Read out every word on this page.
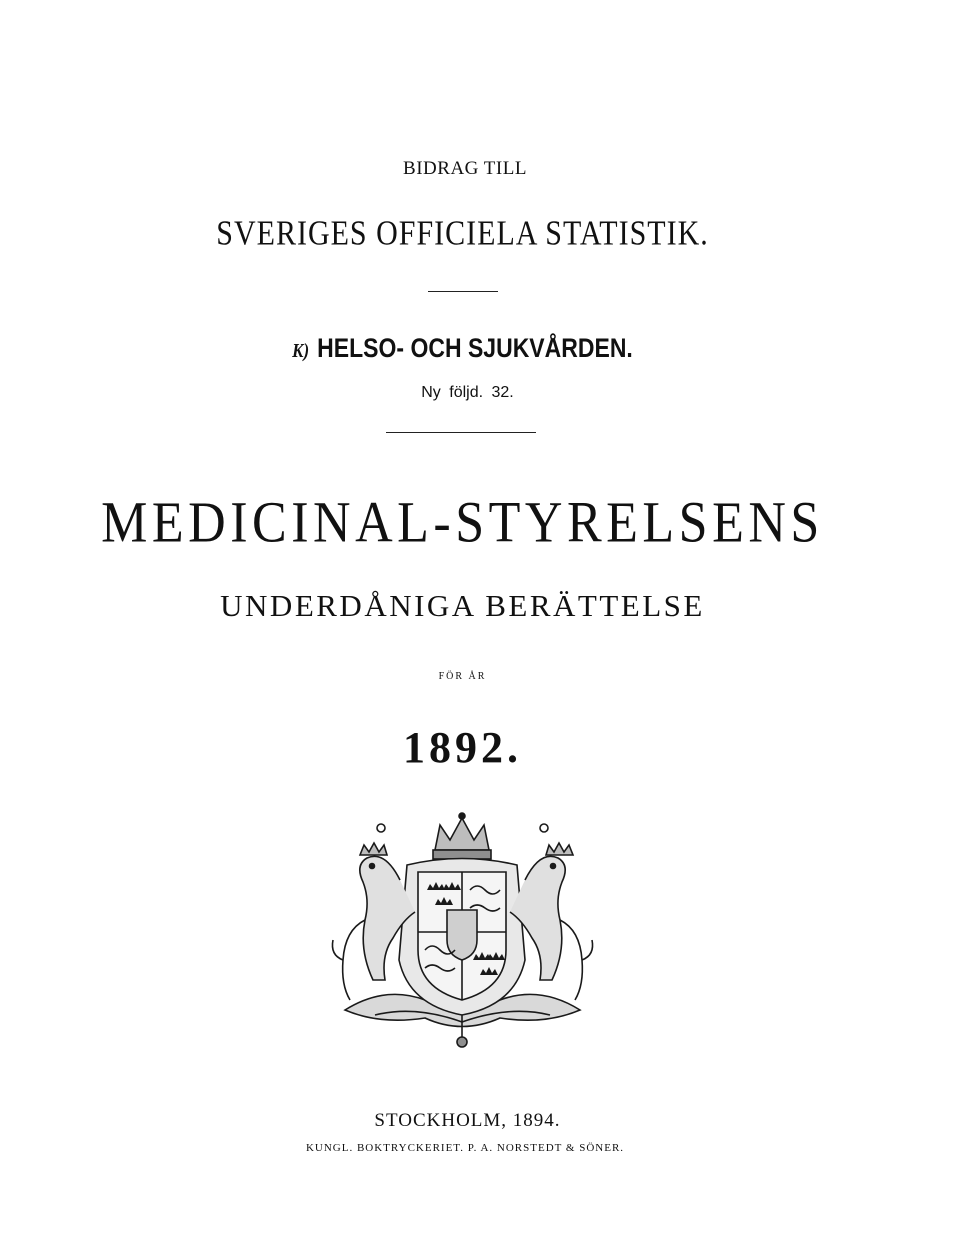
BIDRAG TILL
SVERIGES OFFICIELA STATISTIK.
K) HELSO- OCH SJUKVÅRDEN.
Ny följd. 32.
MEDICINAL-STYRELSENS
UNDERDÅNIGA BERÄTTELSE
FÖR ÅR
1892.
STOCKHOLM, 1894.
KUNGL. BOKTRYCKERIET. P. A. NORSTEDT & SÖNER.
